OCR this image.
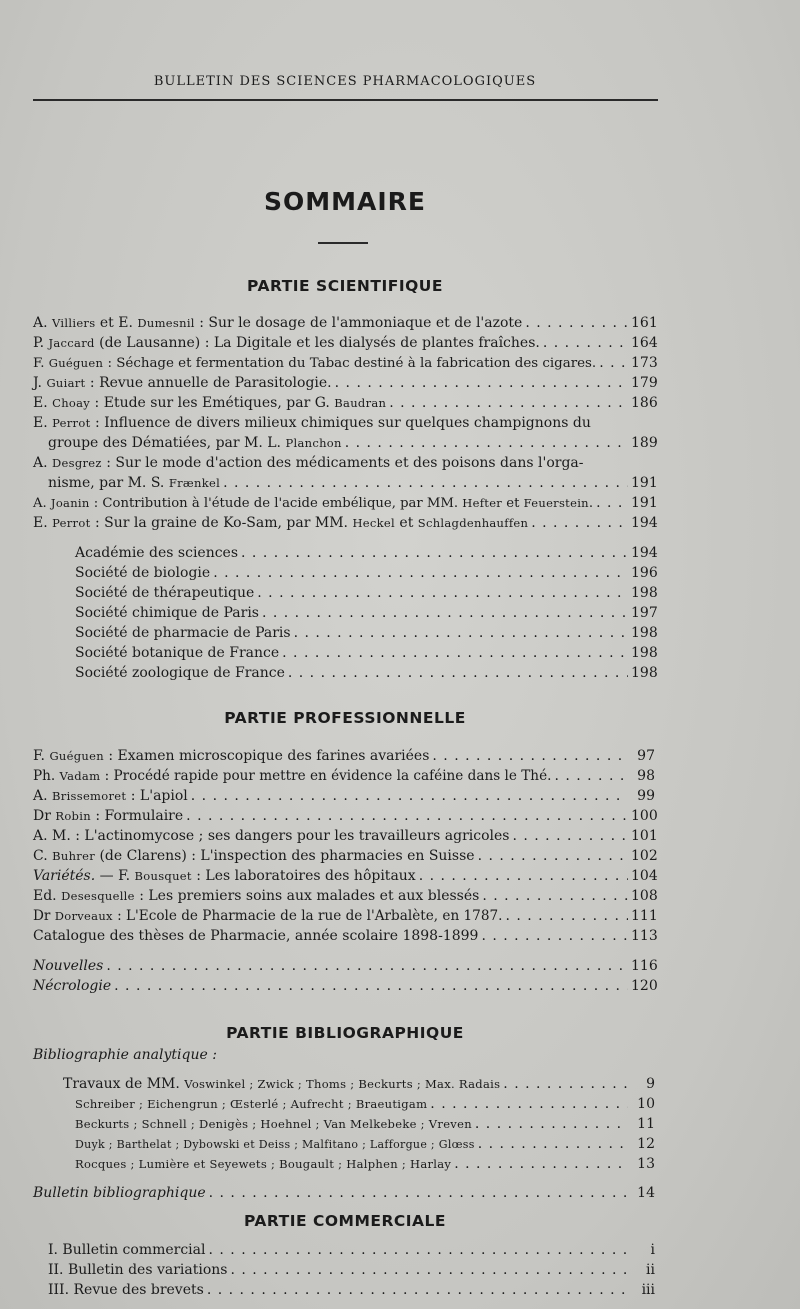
BULLETIN DES SCIENCES PHARMACOLOGIQUES
SOMMAIRE
PARTIE SCIENTIFIQUE
A. Villiers et E. Dumesnil : Sur le dosage de l'ammoniaque et de l'azote . . .	161
P. Jaccard (de Lausanne) : La Digitale et les dialysés de plantes fraîches. . . .	164
F. Guéguen : Séchage et fermentation du Tabac destiné à la fabrication des cigares. . . . 173
J. Guiart : Revue annuelle de Parasitologie. . . .	179
E. Choay : Etude sur les Emétiques, par G. Baudran . . .	186
E. Perrot : Influence de divers milieux chimiques sur quelques champignons du
groupe des Dématiées, par M. L. Planchon . . .	189
A. Desgrez : Sur le mode d'action des médicaments et des poisons dans l'orga-
nisme, par M. S. Frænkel . . .	191
A. Joanin : Contribution à l'étude de l'acide embélique, par MM. Hefter et Feuerstein. . . .	191
E. Perrot : Sur la graine de Ko-Sam, par MM. Heckel et Schlagdenhauffen . . .	194
Académie des sciences . . .	194
Société de biologie . . .	196
Société de thérapeutique . . .	198
Société chimique de Paris . . .	197
Société de pharmacie de Paris . . .	198
Société botanique de France . . .	198
Société zoologique de France . . .	198
PARTIE PROFESSIONNELLE
F. Guéguen : Examen microscopique des farines avariées . . .	97
Ph. Vadam : Procédé rapide pour mettre en évidence la caféine dans le Thé. . . .	98
A. Brissemoret : L'apiol . . .	99
Dr Robin : Formulaire . . .	100
A. M. : L'actinomycose ; ses dangers pour les travailleurs agricoles . . .	101
C. Buhrer (de Clarens) : L'inspection des pharmacies en Suisse . . .	102
Variétés. — F. Bousquet : Les laboratoires des hôpitaux . . .	104
Ed. Desesquelle : Les premiers soins aux malades et aux blessés . . .	108
Dr Dorveaux : L'Ecole de Pharmacie de la rue de l'Arbalète, en 1787. . . .	111
Catalogue des thèses de Pharmacie, année scolaire 1898-1899 . . .	113
Nouvelles . . .	116
Nécrologie . . .	120
PARTIE BIBLIOGRAPHIQUE
Bibliographie analytique :
Travaux de MM. Voswinkel ; Zwick ; Thoms ; Beckurts ; Max. Radais . . .	9
Schreiber ; Eichengrun ; Œsterlé ; Aufrecht ; Braeutigam . . .	10
Beckurts ; Schnell ; Denigès ; Hoehnel ; Van Melkebeke ; Vreven . . .	11
Duyk ; Barthelat ; Dybowski et Deiss ; Malfitano ; Lafforgue ; Glœss . . .	12
Rocques ; Lumière et Seyewets ; Bougault ; Halphen ; Harlay . . .	13
Bulletin bibliographique . . .	14
PARTIE COMMERCIALE
I. Bulletin commercial . . .	i
II. Bulletin des variations . . .	ii
III. Revue des brevets . . .	iii
